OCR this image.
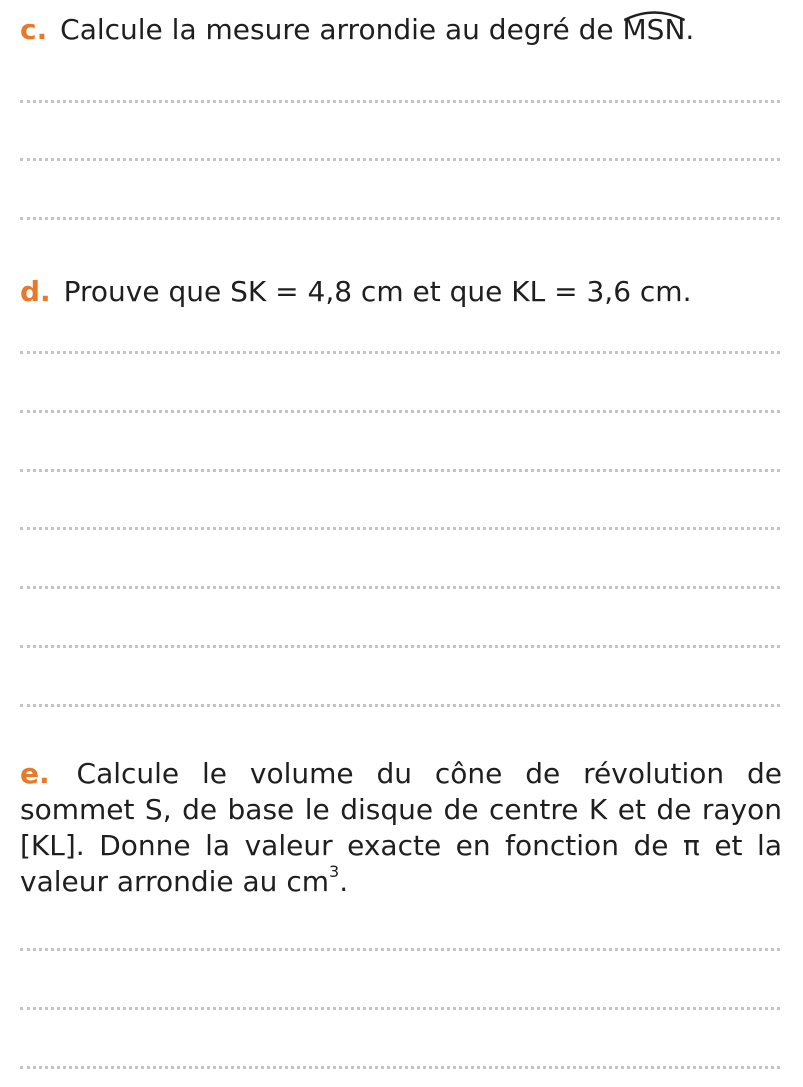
c. Calcule la mesure arrondie au degré de
MSN.

d. Prouve que SK = 4,8 cm et que KL = 3,6 cm.

e. Calcule le volume du cône de révolution de sommet S, de base le disque de centre K et de rayon [KL]. Donne la valeur exacte en fonction de π et la valeur arrondie au $cm^3$.
